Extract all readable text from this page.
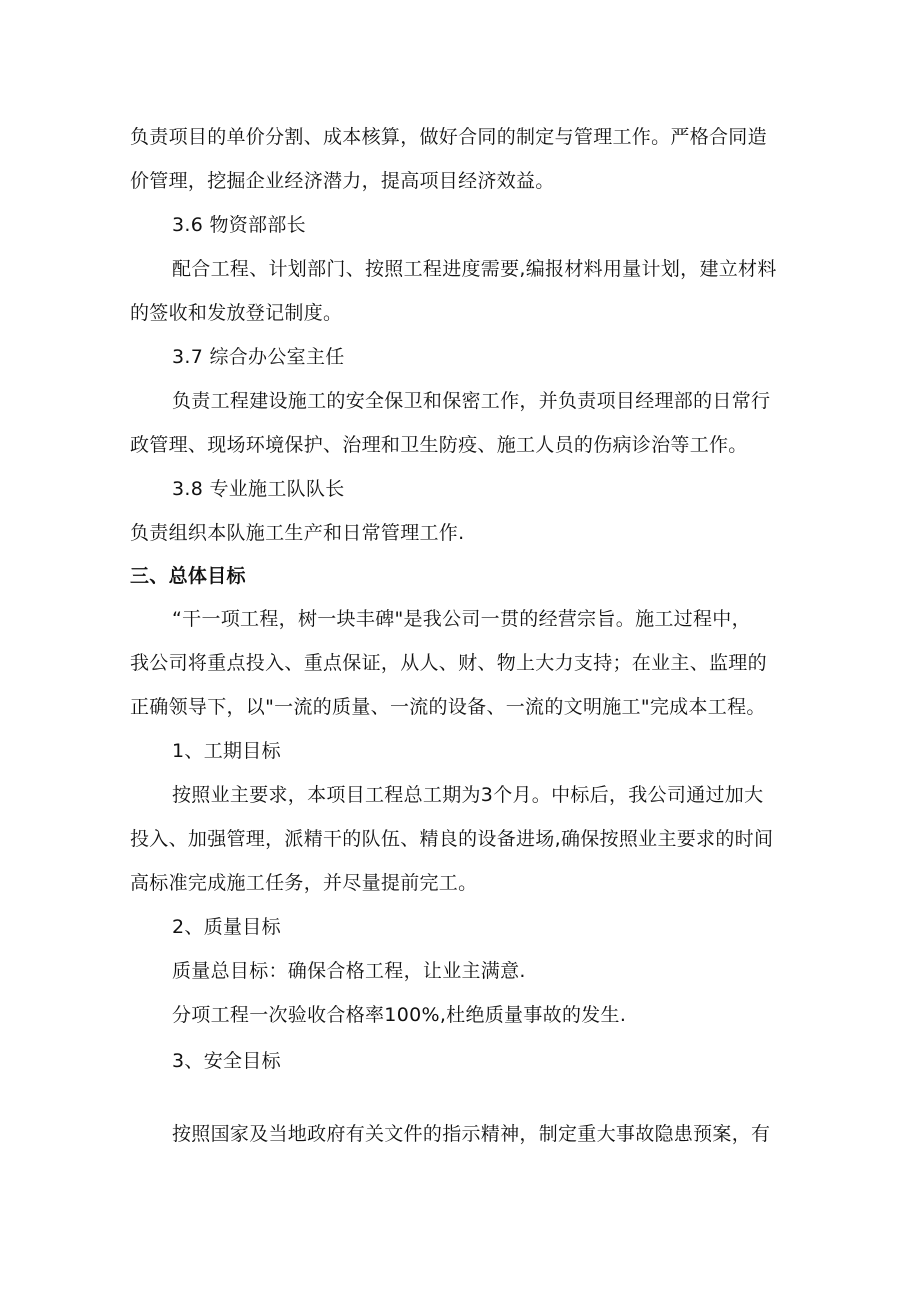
负责项目的单价分割、成本核算，做好合同的制定与管理工作。严格合同造
价管理，挖掘企业经济潜力，提高项目经济效益。
3.6 物资部部长
配合工程、计划部门、按照工程进度需要,编报材料用量计划，建立材料
的签收和发放登记制度。
3.7 综合办公室主任
负责工程建设施工的安全保卫和保密工作，并负责项目经理部的日常行
政管理、现场环境保护、治理和卫生防疫、施工人员的伤病诊治等工作。
3.8 专业施工队队长
负责组织本队施工生产和日常管理工作.
三、总体目标
“干一项工程，树一块丰碑"是我公司一贯的经营宗旨。施工过程中，
我公司将重点投入、重点保证，从人、财、物上大力支持；在业主、监理的
正确领导下，以"一流的质量、一流的设备、一流的文明施工"完成本工程。
1、工期目标
按照业主要求，本项目工程总工期为3个月。中标后，我公司通过加大
投入、加强管理，派精干的队伍、精良的设备进场,确保按照业主要求的时间
高标准完成施工任务，并尽量提前完工。
2、质量目标
质量总目标：确保合格工程，让业主满意.
分项工程一次验收合格率100%,杜绝质量事故的发生.
3、安全目标
按照国家及当地政府有关文件的指示精神，制定重大事故隐患预案，有
